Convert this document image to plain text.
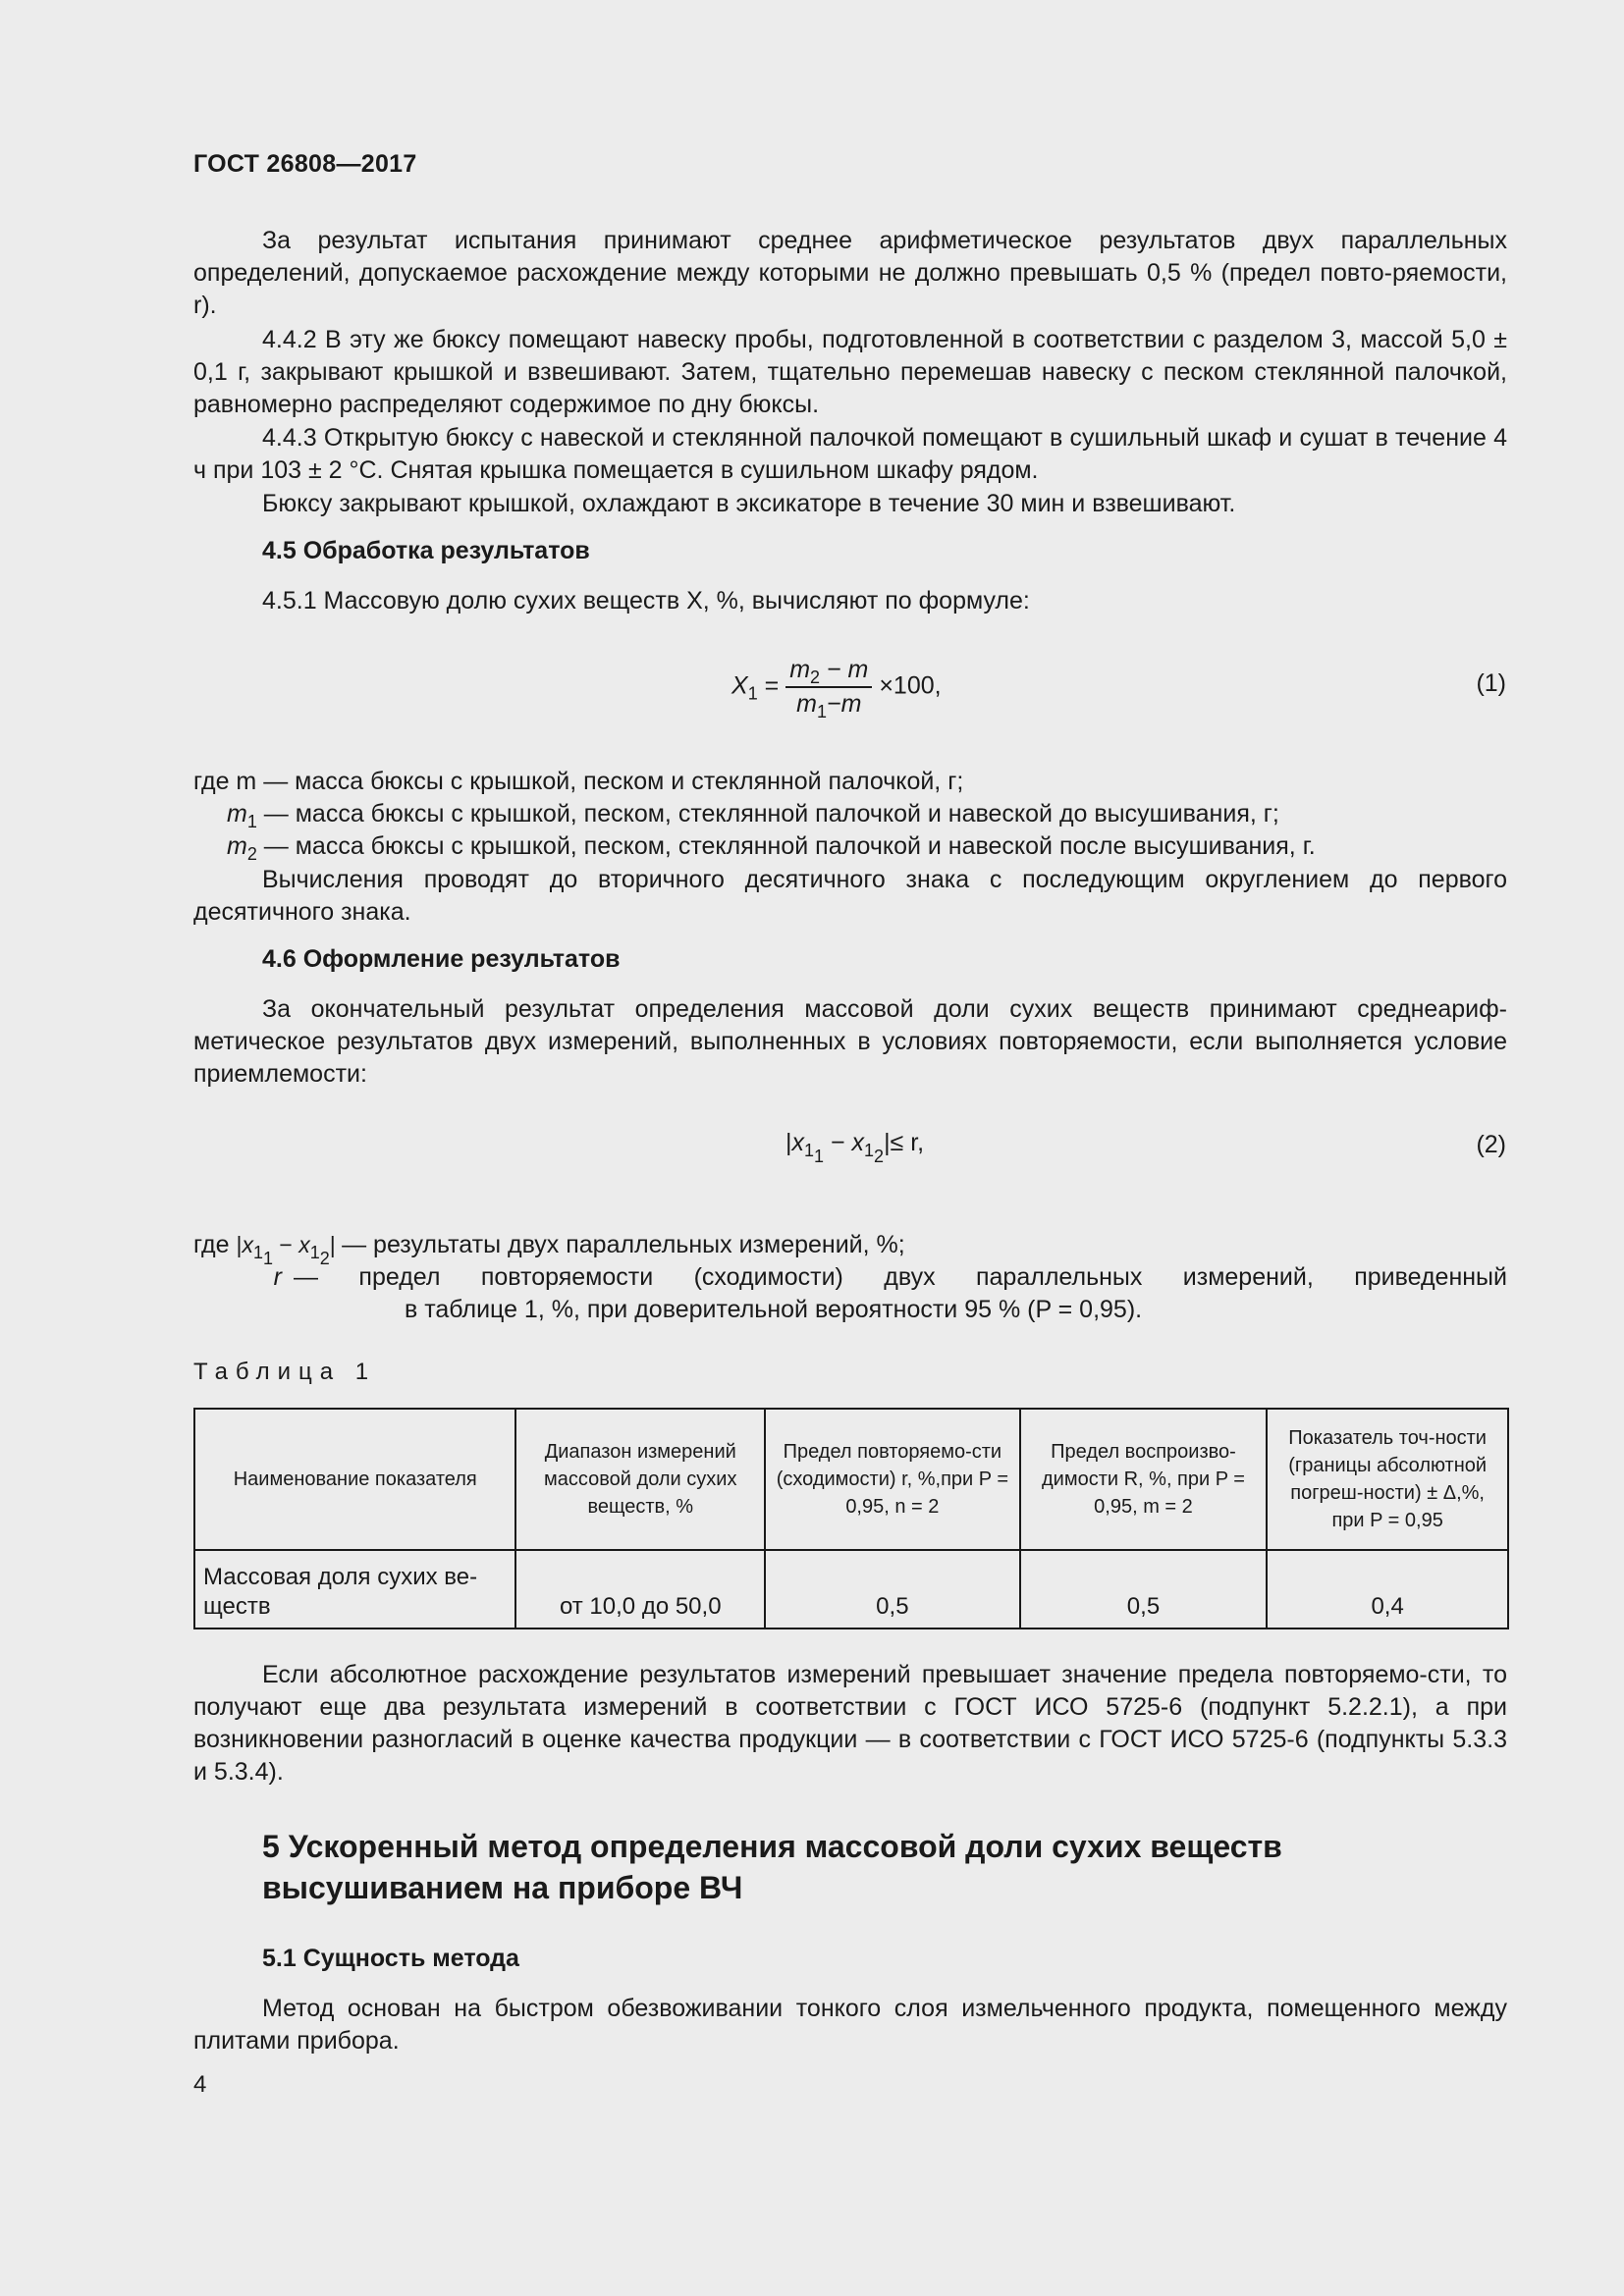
ГОСТ 26808—2017
За результат испытания принимают среднее арифметическое результатов двух параллельных определений, допускаемое расхождение между которыми не должно превышать 0,5 % (предел повто-ряемости, r).
4.4.2 В эту же бюксу помещают навеску пробы, подготовленной в соответствии с разделом 3, массой 5,0 ± 0,1 г, закрывают крышкой и взвешивают. Затем, тщательно перемешав навеску с песком стеклянной палочкой, равномерно распределяют содержимое по дну бюксы.
4.4.3 Открытую бюксу с навеской и стеклянной палочкой помещают в сушильный шкаф и сушат в течение 4 ч при 103 ± 2 °С. Снятая крышка помещается в сушильном шкафу рядом.
Бюксу закрывают крышкой, охлаждают в эксикаторе в течение 30 мин и взвешивают.
4.5 Обработка результатов
4.5.1 Массовую долю сухих веществ X, %, вычисляют по формуле:
$X_1 = \frac{m_2 - m}{m_1-m} \times 100$,	(1)
где m — масса бюксы с крышкой, песком и стеклянной палочкой, г;
$m_1$ — масса бюксы с крышкой, песком, стеклянной палочкой и навеской до высушивания, г;
$m_2$ — масса бюксы с крышкой, песком, стеклянной палочкой и навеской после высушивания, г.
Вычисления проводят до вторичного десятичного знака с последующим округлением до первого десятичного знака.
4.6 Оформление результатов
За окончательный результат определения массовой доли сухих веществ принимают среднеариф-метическое результатов двух измерений, выполненных в условиях повторяемости, если выполняется условие приемлемости:
$|x_{1_1} - x_{1_2}|\le r$,	(2)
где $|x_{1_1} - x_{1_2}|$ — результаты двух параллельных измерений, %;
r — предел повторяемости (сходимости) двух параллельных измерений, приведенный
в таблице 1, %, при доверительной вероятности 95 % (P = 0,95).
Таблица 1
Наименование показателя	Диапазон измерений массовой доли сухих веществ, %	Предел повторяемо-сти (сходимости) r, %,при P = 0,95, n = 2	Предел воспроизво-димости R, %, при P = 0,95, m = 2	Показатель точ-ности (границы абсолютной погреш-ности) ± Δ,%, при P = 0,95
Массовая доля сухих ве-ществ	от 10,0 до 50,0	0,5	0,5	0,4
Если абсолютное расхождение результатов измерений превышает значение предела повторяемо-сти, то получают еще два результата измерений в соответствии с ГОСТ ИСО 5725-6 (подпункт 5.2.2.1), а при возникновении разногласий в оценке качества продукции — в соответствии с ГОСТ ИСО 5725-6 (подпункты 5.3.3 и 5.3.4).
5 Ускоренный метод определения массовой доли сухих веществ
высушиванием на приборе ВЧ
5.1 Сущность метода
Метод основан на быстром обезвоживании тонкого слоя измельченного продукта, помещенного между плитами прибора.
4
